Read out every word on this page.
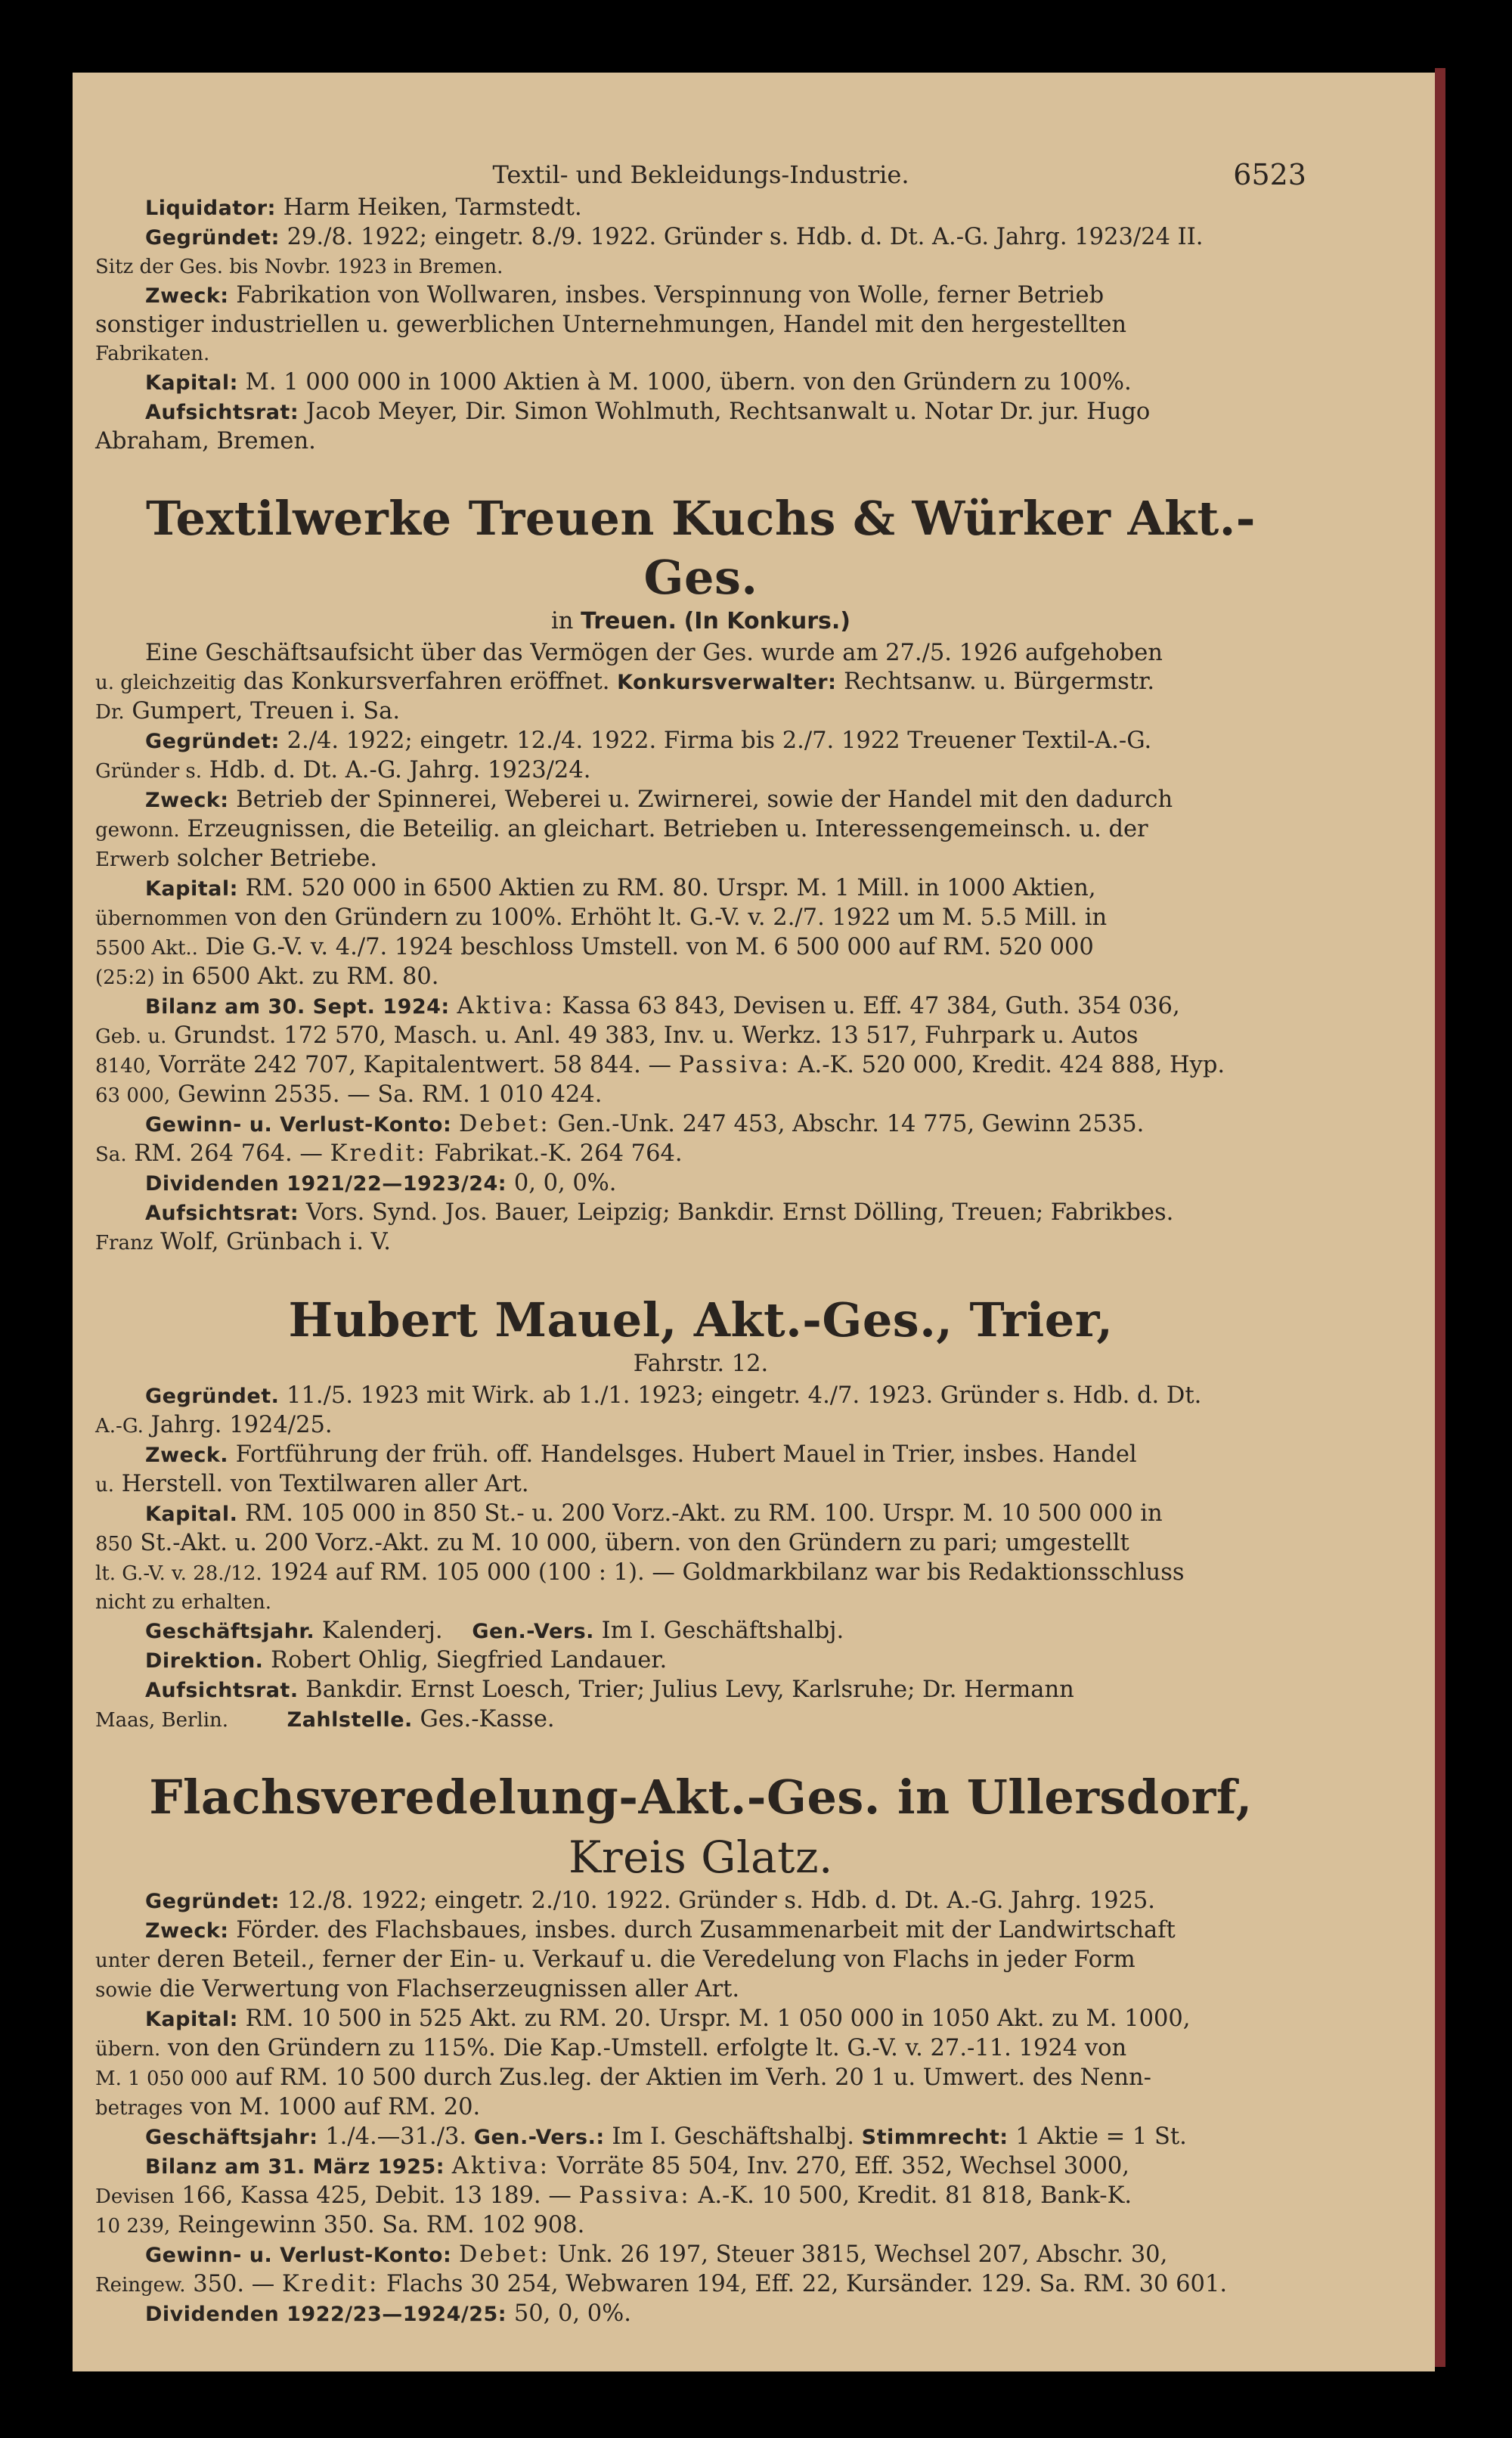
Textil- und Bekleidungs-Industrie.	6523

Liquidator: Harm Heiken, Tarmstedt.

Gegründet: 29./8. 1922; eingetr. 8./9. 1922. Gründer s. Hdb. d. Dt. A.-G. Jahrg. 1923/24 II.

Sitz der Ges. bis Novbr. 1923 in Bremen.

Zweck: Fabrikation von Wollwaren, insbes. Verspinnung von Wolle, ferner Betrieb

sonstiger industriellen u. gewerblichen Unternehmungen, Handel mit den hergestellten

Fabrikaten.

Kapital: M. 1 000 000 in 1000 Aktien à M. 1000, übern. von den Gründern zu 100%.

Aufsichtsrat: Jacob Meyer, Dir. Simon Wohlmuth, Rechtsanwalt u. Notar Dr. jur. Hugo

Abraham, Bremen.

Textilwerke Treuen Kuchs & Würker Akt.-Ges.
in Treuen. (In Konkurs.)

Eine Geschäftsaufsicht über das Vermögen der Ges. wurde am 27./5. 1926 aufgehoben

u. gleichzeitig das Konkursverfahren eröffnet. Konkursverwalter: Rechtsanw. u. Bürgermstr.

Dr. Gumpert, Treuen i. Sa.

Gegründet: 2./4. 1922; eingetr. 12./4. 1922. Firma bis 2./7. 1922 Treuener Textil-A.-G.

Gründer s. Hdb. d. Dt. A.-G. Jahrg. 1923/24.

Zweck: Betrieb der Spinnerei, Weberei u. Zwirnerei, sowie der Handel mit den dadurch

gewonn. Erzeugnissen, die Beteilig. an gleichart. Betrieben u. Interessengemeinsch. u. der

Erwerb solcher Betriebe.

Kapital: RM. 520 000 in 6500 Aktien zu RM. 80. Urspr. M. 1 Mill. in 1000 Aktien,

übernommen von den Gründern zu 100%. Erhöht lt. G.-V. v. 2./7. 1922 um M. 5.5 Mill. in

5500 Akt.. Die G.-V. v. 4./7. 1924 beschloss Umstell. von M. 6 500 000 auf RM. 520 000

(25:2) in 6500 Akt. zu RM. 80.

Bilanz am 30. Sept. 1924: Aktiva: Kassa 63 843, Devisen u. Eff. 47 384, Guth. 354 036,

Geb. u. Grundst. 172 570, Masch. u. Anl. 49 383, Inv. u. Werkz. 13 517, Fuhrpark u. Autos

8140, Vorräte 242 707, Kapitalentwert. 58 844. — Passiva: A.-K. 520 000, Kredit. 424 888, Hyp.

63 000, Gewinn 2535. — Sa. RM. 1 010 424.

Gewinn- u. Verlust-Konto: Debet: Gen.-Unk. 247 453, Abschr. 14 775, Gewinn 2535.

Sa. RM. 264 764. — Kredit: Fabrikat.-K. 264 764.

Dividenden 1921/22—1923/24: 0, 0, 0%.

Aufsichtsrat: Vors. Synd. Jos. Bauer, Leipzig; Bankdir. Ernst Dölling, Treuen; Fabrikbes.

Franz Wolf, Grünbach i. V.

Hubert Mauel, Akt.-Ges., Trier,
Fahrstr. 12.

Gegründet. 11./5. 1923 mit Wirk. ab 1./1. 1923; eingetr. 4./7. 1923. Gründer s. Hdb. d. Dt.

A.-G. Jahrg. 1924/25.

Zweck. Fortführung der früh. off. Handelsges. Hubert Mauel in Trier, insbes. Handel

u. Herstell. von Textilwaren aller Art.

Kapital. RM. 105 000 in 850 St.- u. 200 Vorz.-Akt. zu RM. 100. Urspr. M. 10 500 000 in

850 St.-Akt. u. 200 Vorz.-Akt. zu M. 10 000, übern. von den Gründern zu pari; umgestellt

lt. G.-V. v. 28./12. 1924 auf RM. 105 000 (100 : 1). — Goldmarkbilanz war bis Redaktionsschluss

nicht zu erhalten.

Geschäftsjahr. Kalenderj. Gen.-Vers. Im I. Geschäftshalbj.

Direktion. Robert Ohlig, Siegfried Landauer.

Aufsichtsrat. Bankdir. Ernst Loesch, Trier; Julius Levy, Karlsruhe; Dr. Hermann

Maas, Berlin.	Zahlstelle. Ges.-Kasse.

Flachsveredelung-Akt.-Ges. in Ullersdorf, Kreis Glatz.

Gegründet: 12./8. 1922; eingetr. 2./10. 1922. Gründer s. Hdb. d. Dt. A.-G. Jahrg. 1925.

Zweck: Förder. des Flachsbaues, insbes. durch Zusammenarbeit mit der Landwirtschaft

unter deren Beteil., ferner der Ein- u. Verkauf u. die Veredelung von Flachs in jeder Form

sowie die Verwertung von Flachserzeugnissen aller Art.

Kapital: RM. 10 500 in 525 Akt. zu RM. 20. Urspr. M. 1 050 000 in 1050 Akt. zu M. 1000,

übern. von den Gründern zu 115%. Die Kap.-Umstell. erfolgte lt. G.-V. v. 27.-11. 1924 von

M. 1 050 000 auf RM. 10 500 durch Zus.leg. der Aktien im Verh. 20 1 u. Umwert. des Nenn-

betrages von M. 1000 auf RM. 20.

Geschäftsjahr: 1./4.—31./3. Gen.-Vers.: Im I. Geschäftshalbj. Stimmrecht: 1 Aktie = 1 St.

Bilanz am 31. März 1925: Aktiva: Vorräte 85 504, Inv. 270, Eff. 352, Wechsel 3000,

Devisen 166, Kassa 425, Debit. 13 189. — Passiva: A.-K. 10 500, Kredit. 81 818, Bank-K.

10 239, Reingewinn 350. Sa. RM. 102 908.

Gewinn- u. Verlust-Konto: Debet: Unk. 26 197, Steuer 3815, Wechsel 207, Abschr. 30,

Reingew. 350. — Kredit: Flachs 30 254, Webwaren 194, Eff. 22, Kursänder. 129. Sa. RM. 30 601.

Dividenden 1922/23—1924/25: 50, 0, 0%.
